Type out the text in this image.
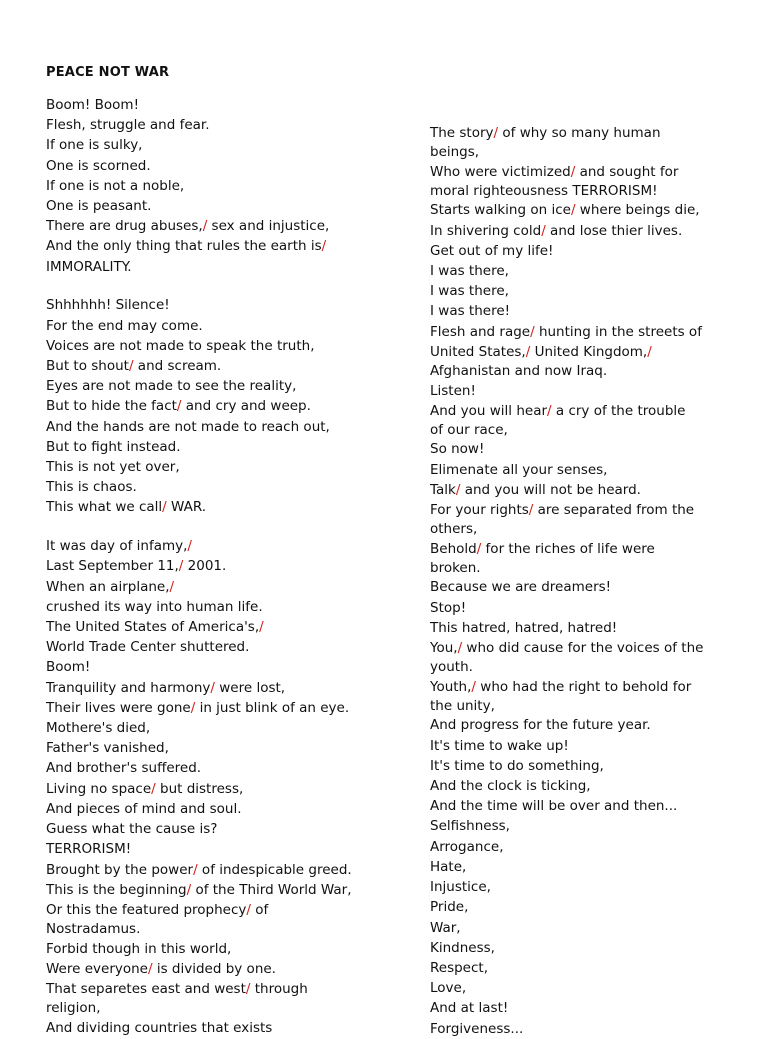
PEACE NOT WAR
Boom! Boom!
Flesh, struggle and fear.
If one is sulky,
One is scorned.
If one is not a noble,
One is peasant.
There are drug abuses,/ sex and injustice,
And the only thing that rules the earth is/
IMMORALITY.
Shhhhhh! Silence!
For the end may come.
Voices are not made to speak the truth,
But to shout/ and scream.
Eyes are not made to see the reality,
But to hide the fact/ and cry and weep.
And the hands are not made to reach out,
But to fight instead.
This is not yet over,
This is chaos.
This what we call/ WAR.
It was day of infamy,/
Last September 11,/ 2001.
When an airplane,/
crushed its way into human life.
The United States of America's,/
World Trade Center shuttered.
Boom!
Tranquility and harmony/ were lost,
Their lives were gone/ in just blink of an eye.
Mothere's died,
Father's vanished,
And brother's suffered.
Living no space/ but distress,
And pieces of mind and soul.
Guess what the cause is?
TERRORISM!
Brought by the power/ of indespicable greed.
This is the beginning/ of the Third World War,
Or this the featured prophecy/ of
Nostradamus.
Forbid though in this world,
Were everyone/ is divided by one.
That separetes east and west/ through
religion,
And dividing countries that exists
The story/ of why so many human
beings,
Who were victimized/ and sought for
moral righteousness TERRORISM!
Starts walking on ice/ where beings die,
In shivering cold/ and lose thier lives.
Get out of my life!
I was there,
I was there,
I was there!
Flesh and rage/ hunting in the streets of
United States,/ United Kingdom,/
Afghanistan and now Iraq.
Listen!
And you will hear/ a cry of the trouble
of our race,
So now!
Elimenate all your senses,
Talk/ and you will not be heard.
For your rights/ are separated from the
others,
Behold/ for the riches of life were
broken.
Because we are dreamers!
Stop!
This hatred, hatred, hatred!
You,/ who did cause for the voices of the
youth.
Youth,/ who had the right to behold for
the unity,
And progress for the future year.
It's time to wake up!
It's time to do something,
And the clock is ticking,
And the time will be over and then...
Selfishness,
Arrogance,
Hate,
Injustice,
Pride,
War,
Kindness,
Respect,
Love,
And at last!
Forgiveness...
